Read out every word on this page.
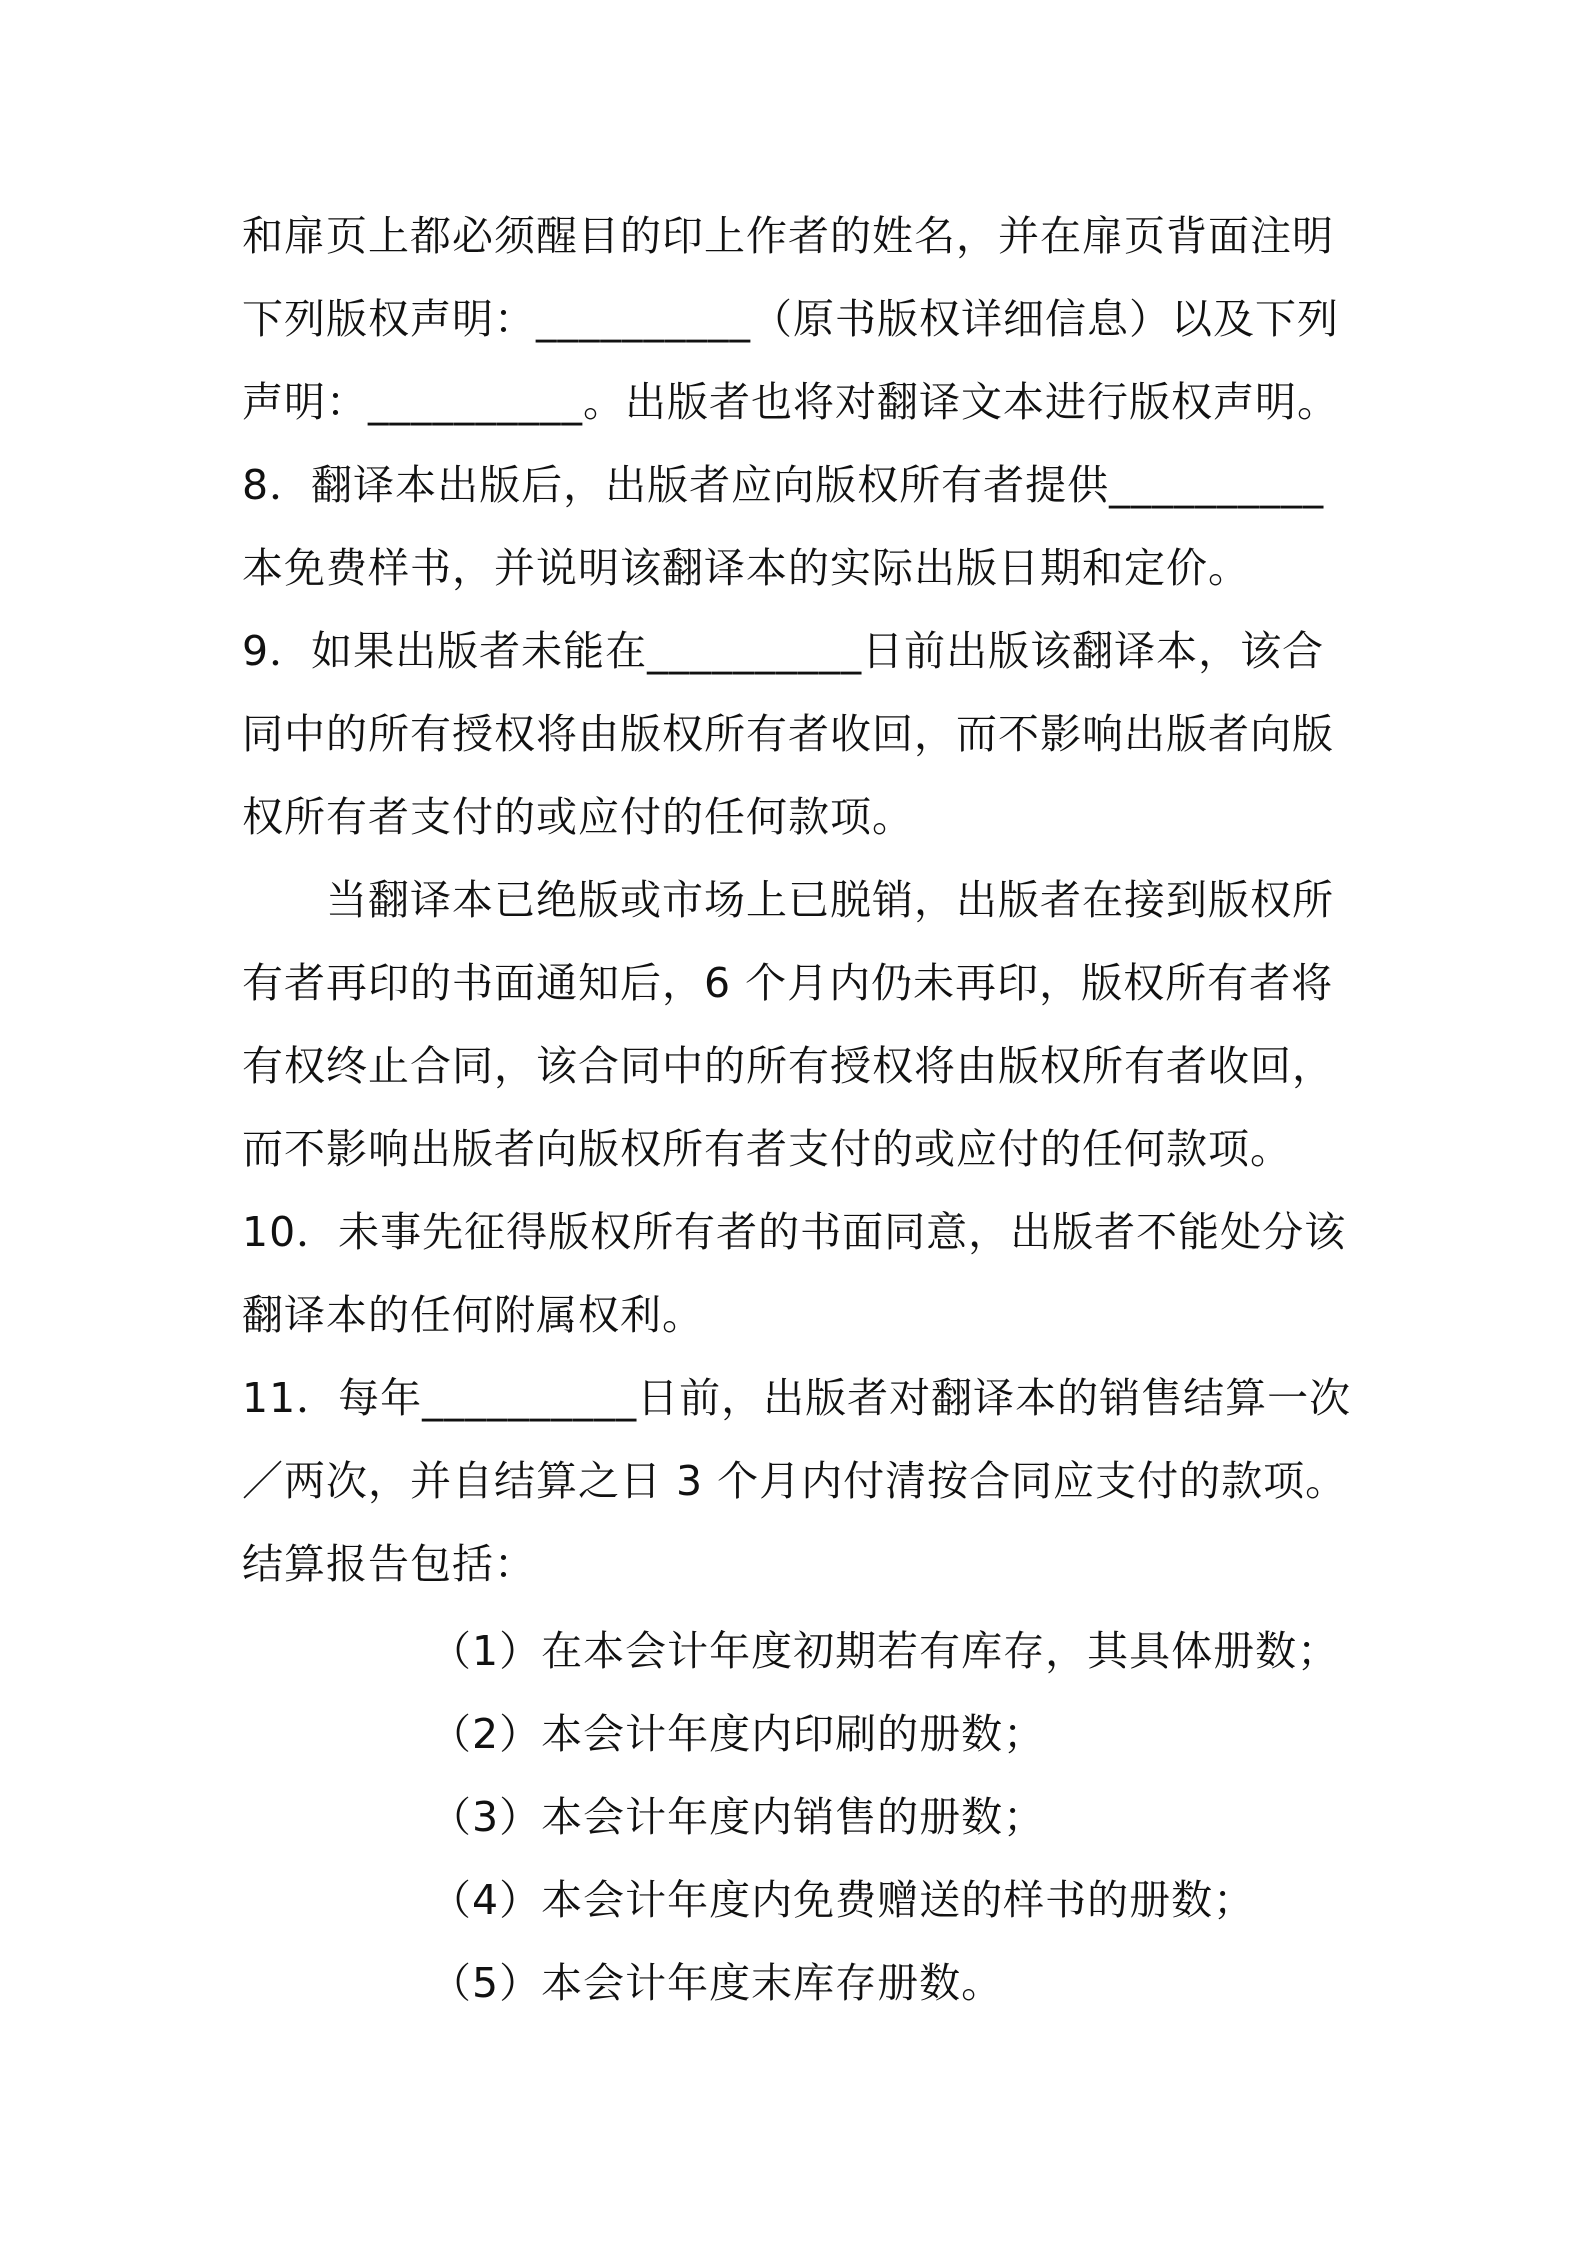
和扉页上都必须醒目的印上作者的姓名，并在扉页背面注明
下列版权声明：__________（原书版权详细信息）以及下列
声明：__________。出版者也将对翻译文本进行版权声明。
8．翻译本出版后，出版者应向版权所有者提供__________
本免费样书，并说明该翻译本的实际出版日期和定价。
9．如果出版者未能在__________日前出版该翻译本，该合
同中的所有授权将由版权所有者收回，而不影响出版者向版
权所有者支付的或应付的任何款项。
当翻译本已绝版或市场上已脱销，出版者在接到版权所
有者再印的书面通知后，6 个月内仍未再印，版权所有者将
有权终止合同，该合同中的所有授权将由版权所有者收回，
而不影响出版者向版权所有者支付的或应付的任何款项。
10．未事先征得版权所有者的书面同意，出版者不能处分该
翻译本的任何附属权利。
11．每年__________日前，出版者对翻译本的销售结算一次
／两次，并自结算之日 3 个月内付清按合同应支付的款项。
结算报告包括：
（1）在本会计年度初期若有库存，其具体册数；
（2）本会计年度内印刷的册数；
（3）本会计年度内销售的册数；
（4）本会计年度内免费赠送的样书的册数；
（5）本会计年度末库存册数。
